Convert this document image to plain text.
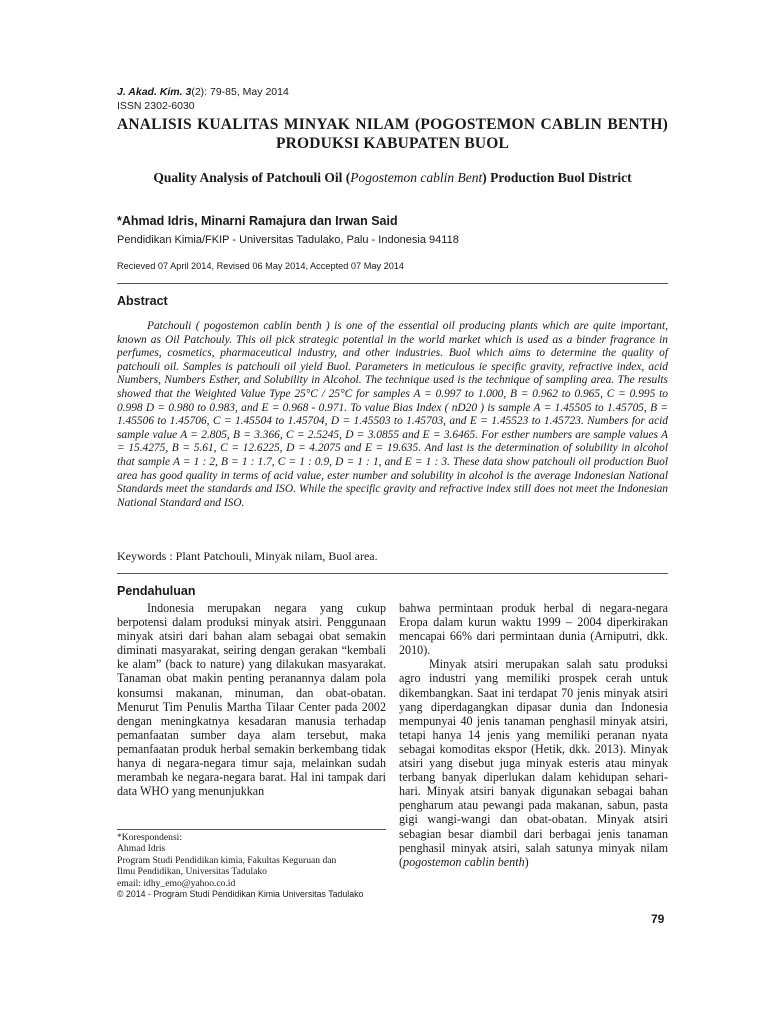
J. Akad. Kim. 3(2): 79-85, May 2014
ISSN 2302-6030
ANALISIS KUALITAS MINYAK NILAM (POGOSTEMON CABLIN BENTH) PRODUKSI KABUPATEN BUOL
Quality Analysis of Patchouli Oil (Pogostemon cablin Bent) Production Buol District
*Ahmad Idris, Minarni Ramajura dan Irwan Said
Pendidikan Kimia/FKIP - Universitas Tadulako, Palu - Indonesia 94118
Recieved 07 April 2014, Revised 06 May 2014, Accepted 07 May 2014
Abstract
Patchouli ( pogostemon cablin benth ) is one of the essential oil producing plants which are quite important, known as Oil Patchouly. This oil pick strategic potential in the world market which is used as a binder fragrance in perfumes, cosmetics, pharmaceutical industry, and other industries. Buol which aims to determine the quality of patchouli oil. Samples is patchouli oil yield Buol. Parameters in meticulous ie specific gravity, refractive index, acid Numbers, Numbers Esther, and Solubility in Alcohol. The technique used is the technique of sampling area. The results showed that the Weighted Value Type 25°C / 25°C for samples A = 0.997 to 1.000, B = 0.962 to 0.965, C = 0.995 to 0.998 D = 0.980 to 0.983, and E = 0.968 - 0.971. To value Bias Index ( nD20 ) is sample A = 1.45505 to 1.45705, B = 1.45506 to 1.45706, C = 1.45504 to 1.45704, D = 1.45503 to 1.45703, and E = 1.45523 to 1.45723. Numbers for acid sample value A = 2.805, B = 3.366, C = 2.5245, D = 3.0855 and E = 3.6465. For esther numbers are sample values A = 15.4275, B = 5.61, C = 12.6225, D = 4.2075 and E = 19.635. And last is the determination of solubility in alcohol that sample A = 1 : 2, B = 1 : 1.7, C = 1 : 0.9, D = 1 : 1, and E = 1 : 3. These data show patchouli oil production Buol area has good quality in terms of acid value, ester number and solubility in alcohol is the average Indonesian National Standards meet the standards and ISO. While the specific gravity and refractive index still does not meet the Indonesian National Standard and ISO.
Keywords : Plant Patchouli, Minyak nilam, Buol area.
Pendahuluan

Indonesia merupakan negara yang cukup berpotensi dalam produksi minyak atsiri. Penggunaan minyak atsiri dari bahan alam sebagai obat semakin diminati masyarakat, seiring dengan gerakan “kembali ke alam” (back to nature) yang dilakukan masyarakat. Tanaman obat makin penting peranannya dalam pola konsumsi makanan, minuman, dan obat-obatan. Menurut Tim Penulis Martha Tilaar Center pada 2002 dengan meningkatnya kesadaran manusia terhadap pemanfaatan sumber daya alam tersebut, maka pemanfaatan produk herbal semakin berkembang tidak hanya di negara-negara timur saja, melainkan sudah merambah ke negara-negara barat. Hal ini tampak dari data WHO yang menunjukkan

bahwa permintaan produk herbal di negara-negara Eropa dalam kurun waktu 1999 – 2004 diperkirakan mencapai 66% dari permintaan dunia (Arniputri, dkk. 2010).

Minyak atsiri merupakan salah satu produksi agro industri yang memiliki prospek cerah untuk dikembangkan. Saat ini terdapat 70 jenis minyak atsiri yang diperdagangkan dipasar dunia dan Indonesia mempunyai 40 jenis tanaman penghasil minyak atsiri, tetapi hanya 14 jenis yang memiliki peranan nyata sebagai komoditas ekspor (Hetik, dkk. 2013). Minyak atsiri yang disebut juga minyak esteris atau minyak terbang banyak diperlukan dalam kehidupan sehari-hari. Minyak atsiri banyak digunakan sebagai bahan pengharum atau pewangi pada makanan, sabun, pasta gigi wangi-wangi dan obat-obatan. Minyak atsiri sebagian besar diambil dari berbagai jenis tanaman penghasil minyak atsiri, salah satunya minyak nilam (pogostemon cablin benth)

*Korespondensi:
Ahmad Idris
Program Studi Pendidikan kimia, Fakultas Keguruan dan
Ilmu Pendidikan, Universitas Tadulako
email: idhy_emo@yahoo.co.id
© 2014 - Program Studi Pendidikan Kimia Universitas Tadulako
79
